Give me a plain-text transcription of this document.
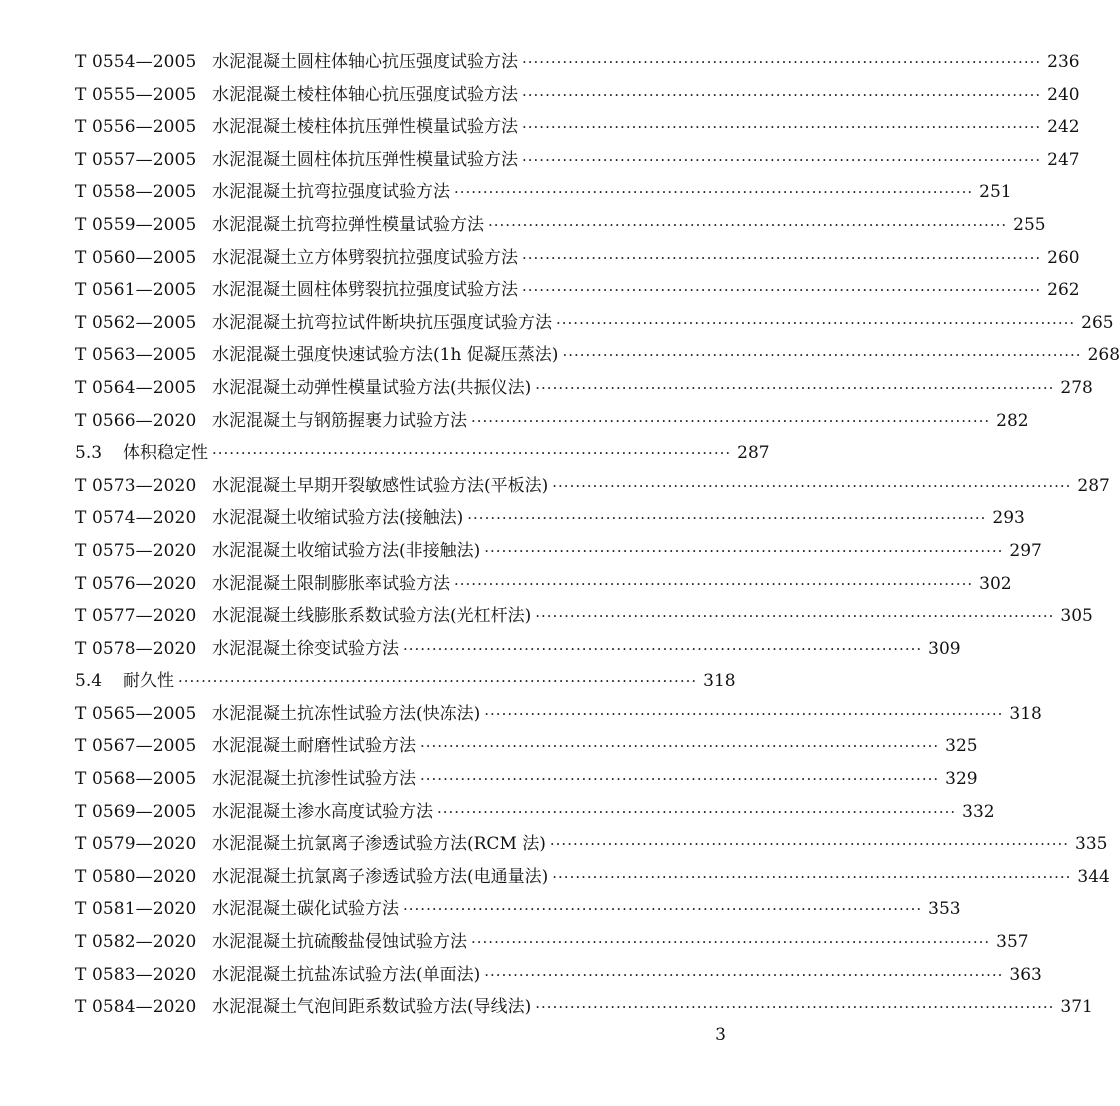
T 0554—2005 水泥混凝土圆柱体轴心抗压强度试验方法 ·························································································· 236
T 0555—2005 水泥混凝土棱柱体轴心抗压强度试验方法 ·························································································· 240
T 0556—2005 水泥混凝土棱柱体抗压弹性模量试验方法 ·························································································· 242
T 0557—2005 水泥混凝土圆柱体抗压弹性模量试验方法 ·························································································· 247
T 0558—2005 水泥混凝土抗弯拉强度试验方法 ·························································································· 251
T 0559—2005 水泥混凝土抗弯拉弹性模量试验方法 ·························································································· 255
T 0560—2005 水泥混凝土立方体劈裂抗拉强度试验方法 ·························································································· 260
T 0561—2005 水泥混凝土圆柱体劈裂抗拉强度试验方法 ·························································································· 262
T 0562—2005 水泥混凝土抗弯拉试件断块抗压强度试验方法 ·························································································· 265
T 0563—2005 水泥混凝土强度快速试验方法(1h 促凝压蒸法) ·························································································· 268
T 0564—2005 水泥混凝土动弹性模量试验方法(共振仪法) ·························································································· 278
T 0566—2020 水泥混凝土与钢筋握裹力试验方法 ·························································································· 282
5.3	体积稳定性 ·························································································· 287
T 0573—2020 水泥混凝土早期开裂敏感性试验方法(平板法) ·························································································· 287
T 0574—2020 水泥混凝土收缩试验方法(接触法) ·························································································· 293
T 0575—2020 水泥混凝土收缩试验方法(非接触法) ·························································································· 297
T 0576—2020 水泥混凝土限制膨胀率试验方法 ·························································································· 302
T 0577—2020 水泥混凝土线膨胀系数试验方法(光杠杆法) ·························································································· 305
T 0578—2020 水泥混凝土徐变试验方法 ·························································································· 309
5.4	耐久性 ·························································································· 318
T 0565—2005 水泥混凝土抗冻性试验方法(快冻法) ·························································································· 318
T 0567—2005 水泥混凝土耐磨性试验方法 ·························································································· 325
T 0568—2005 水泥混凝土抗渗性试验方法 ·························································································· 329
T 0569—2005 水泥混凝土渗水高度试验方法 ·························································································· 332
T 0579—2020 水泥混凝土抗氯离子渗透试验方法(RCM 法) ·························································································· 335
T 0580—2020 水泥混凝土抗氯离子渗透试验方法(电通量法) ·························································································· 344
T 0581—2020 水泥混凝土碳化试验方法 ·························································································· 353
T 0582—2020 水泥混凝土抗硫酸盐侵蚀试验方法 ·························································································· 357
T 0583—2020 水泥混凝土抗盐冻试验方法(单面法) ·························································································· 363
T 0584—2020 水泥混凝土气泡间距系数试验方法(导线法) ·························································································· 371
3
